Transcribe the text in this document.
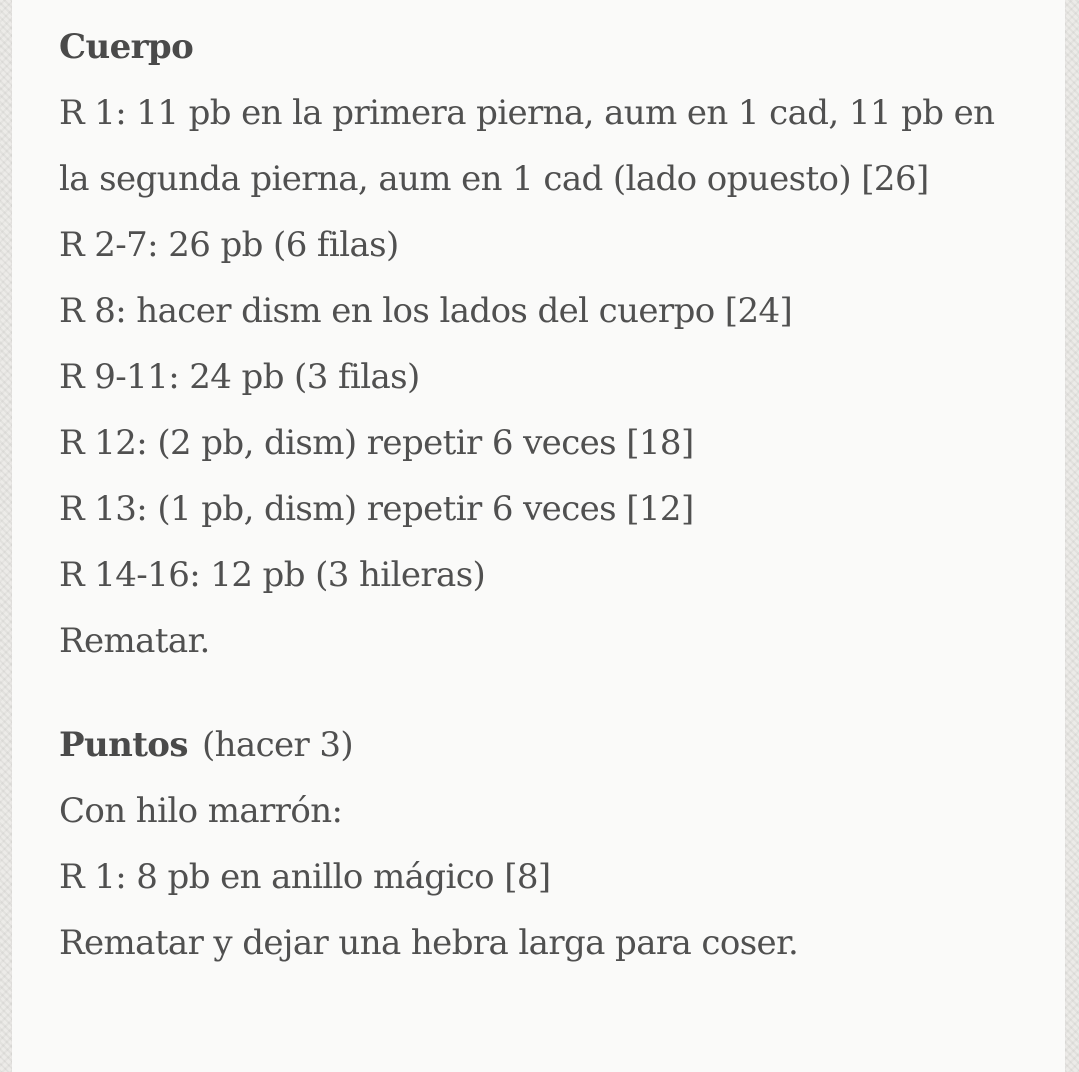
Cuerpo
R 1: 11 pb en la primera pierna, aum en 1 cad, 11 pb en la segunda pierna, aum en 1 cad (lado opuesto) [26]
R 2-7: 26 pb (6 filas)
R 8: hacer dism en los lados del cuerpo [24]
R 9-11: 24 pb (3 filas)
R 12: (2 pb, dism) repetir 6 veces [18]
R 13: (1 pb, dism) repetir 6 veces [12]
R 14-16: 12 pb (3 hileras)
Rematar.
Puntos (hacer 3)
Con hilo marrón:
R 1: 8 pb en anillo mágico [8]
Rematar y dejar una hebra larga para coser.
